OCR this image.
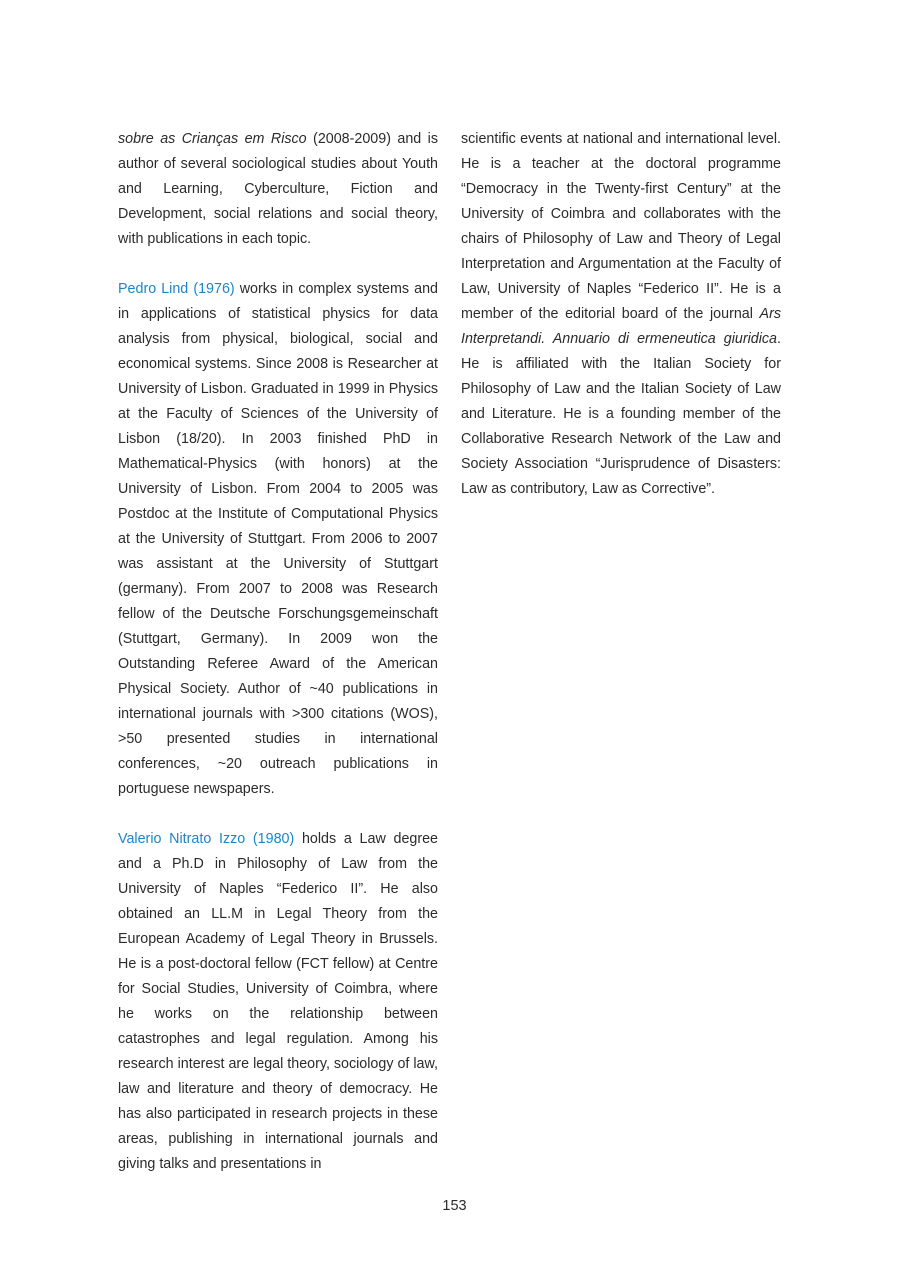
sobre as Crianças em Risco (2008-2009) and is author of several sociological studies about Youth and Learning, Cyberculture, Fiction and Development, social relations and social theory, with publications in each topic.

Pedro Lind (1976) works in complex systems and in applications of statistical physics for data analysis from physical, biological, social and economical systems. Since 2008 is Researcher at University of Lisbon. Graduated in 1999 in Physics at the Faculty of Sciences of the University of Lisbon (18/20). In 2003 finished PhD in Mathematical-Physics (with honors) at the University of Lisbon. From 2004 to 2005 was Postdoc at the Institute of Computational Physics at the University of Stuttgart. From 2006 to 2007 was assistant at the University of Stuttgart (germany). From 2007 to 2008 was Research fellow of the Deutsche Forschungsgemeinschaft (Stuttgart, Germany). In 2009 won the Outstanding Referee Award of the American Physical Society. Author of ~40 publications in international journals with >300 citations (WOS), >50 presented studies in international conferences, ~20 outreach publications in portuguese newspapers.

Valerio Nitrato Izzo (1980) holds a Law degree and a Ph.D in Philosophy of Law from the University of Naples “Federico II”. He also obtained an LL.M in Legal Theory from the European Academy of Legal Theory in Brussels. He is a post-doctoral fellow (FCT fellow) at Centre for Social Studies, University of Coimbra, where he works on the relationship between catastrophes and legal regulation. Among his research interest are legal theory, sociology of law, law and literature and theory of democracy. He has also participated in research projects in these areas, publishing in international journals and giving talks and presentations in

scientific events at national and international level. He is a teacher at the doctoral programme “Democracy in the Twenty-first Century” at the University of Coimbra and collaborates with the chairs of Philosophy of Law and Theory of Legal Interpretation and Argumentation at the Faculty of Law, University of Naples “Federico II”. He is a member of the editorial board of the journal Ars Interpretandi. Annuario di ermeneutica giuridica. He is affiliated with the Italian Society for Philosophy of Law and the Italian Society of Law and Literature. He is a founding member of the Collaborative Research Network of the Law and Society Association “Jurisprudence of Disasters: Law as contributory, Law as Corrective”.

153
